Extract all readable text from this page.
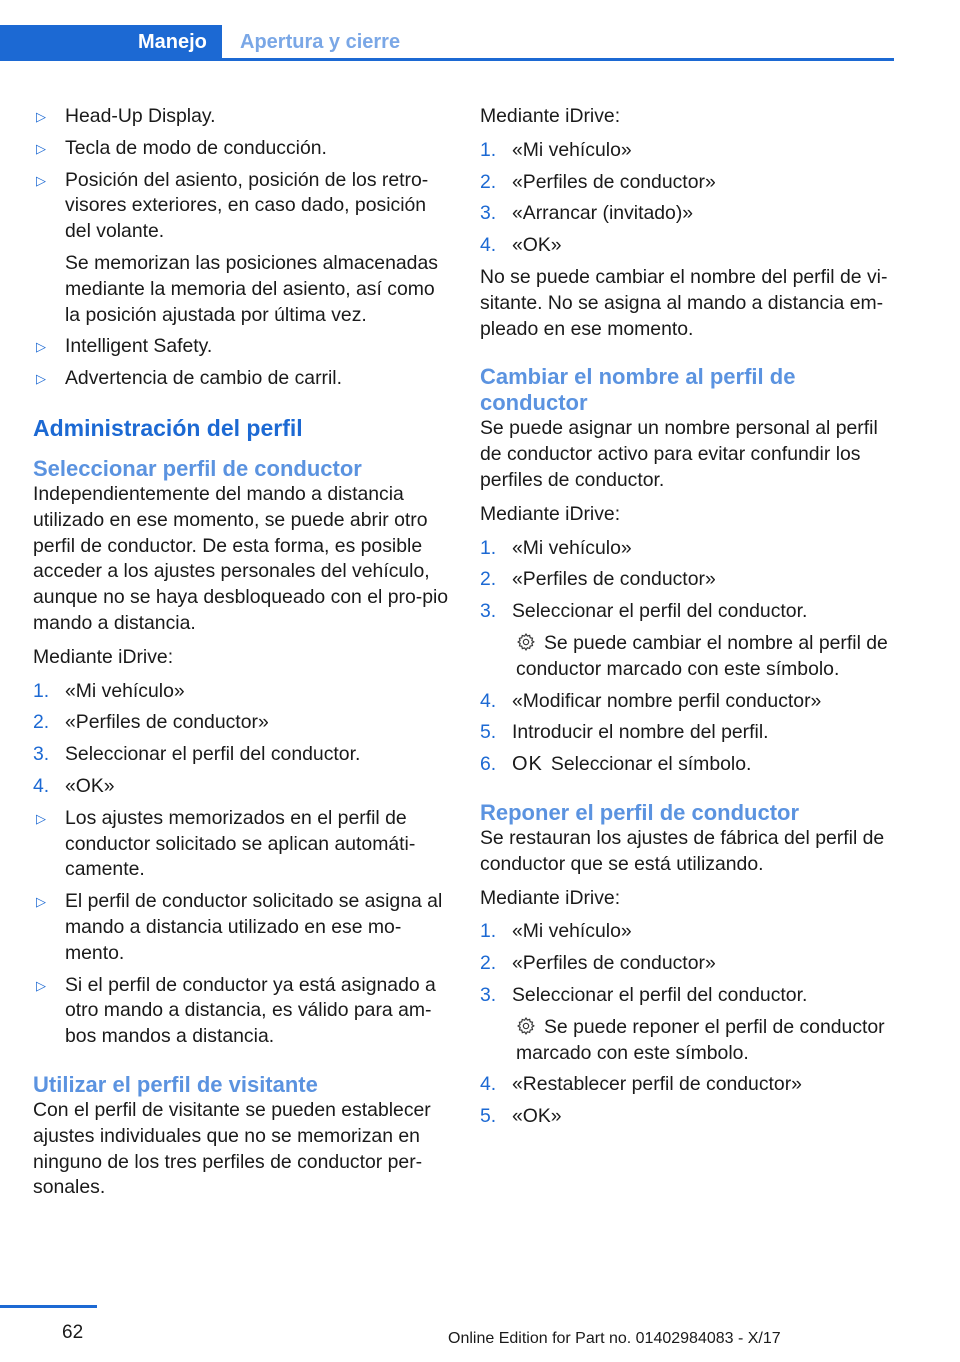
Manejo Apertura y cierre
▷ Head-Up Display.
▷ Tecla de modo de conducción.
▷ Posición del asiento, posición de los retro-visores exteriores, en caso dado, posición del volante.
Se memorizan las posiciones almacenadas mediante la memoria del asiento, así como la posición ajustada por última vez.
▷ Intelligent Safety.
▷ Advertencia de cambio de carril.
Administración del perfil
Seleccionar perfil de conductor

Independientemente del mando a distancia utilizado en ese momento, se puede abrir otro perfil de conductor. De esta forma, es posible acceder a los ajustes personales del vehículo, aunque no se haya desbloqueado con el pro-pio mando a distancia.

Mediante iDrive:

1. «Mi vehículo»
2. «Perfiles de conductor»
3. Seleccionar el perfil del conductor.
4. «OK»
▷ Los ajustes memorizados en el perfil de conductor solicitado se aplican automáti-camente.
▷ El perfil de conductor solicitado se asigna al mando a distancia utilizado en ese mo-mento.
▷ Si el perfil de conductor ya está asignado a otro mando a distancia, es válido para am-bos mandos a distancia.
Utilizar el perfil de visitante

Con el perfil de visitante se pueden establecer ajustes individuales que no se memorizan en ninguno de los tres perfiles de conductor per-sonales.

Mediante iDrive:

1. «Mi vehículo»
2. «Perfiles de conductor»
3. «Arrancar (invitado)»
4. «OK»

No se puede cambiar el nombre del perfil de vi-sitante. No se asigna al mando a distancia em-pleado en ese momento.

Cambiar el nombre al perfil de conductor

Se puede asignar un nombre personal al perfil de conductor activo para evitar confundir los perfiles de conductor.

Mediante iDrive:

1. «Mi vehículo»
2. «Perfiles de conductor»
3. Seleccionar el perfil del conductor.
Se puede cambiar el nombre al perfil de conductor marcado con este símbolo.
4. «Modificar nombre perfil conductor»
5. Introducir el nombre del perfil.
6. OK Seleccionar el símbolo.
Reponer el perfil de conductor

Se restauran los ajustes de fábrica del perfil de conductor que se está utilizando.

Mediante iDrive:

1. «Mi vehículo»
2. «Perfiles de conductor»
3. Seleccionar el perfil del conductor.
Se puede reponer el perfil de conductor marcado con este símbolo.
4. «Restablecer perfil de conductor»
5. «OK»
62	Online Edition for Part no. 01402984083 - X/17
